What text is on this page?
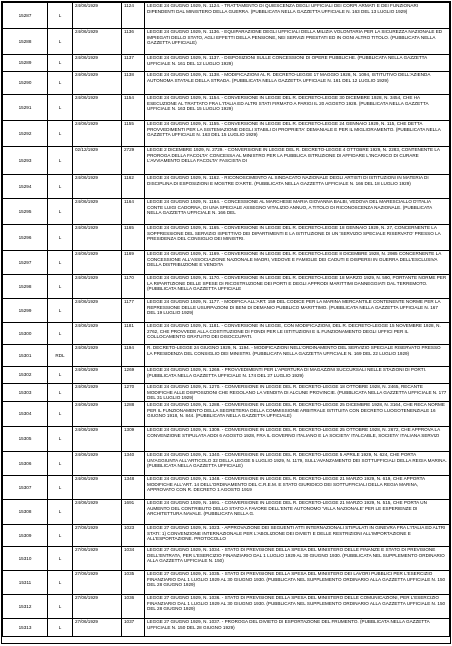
15287	L	24/06/1929	1124	LEGGE 24 GIUGNO 1929, N. 1124. - TRATTAMENTO DI QUIESCENZA DEGLI UFFICIALI DEI CORPI ARMATI E DEI FUNZIONARI DIPENDENTI DAL MINISTERO DELLA GUERRA. (PUBBLICATA NELLA GAZZETTA UFFICIALE N. 163 DEL 13 LUGLIO 1929)
15288	L	24/06/1929	1136	LEGGE 24 GIUGNO 1929, N. 1136. - EQUIPARAZIONE DEGLI UFFICIALI DELLA MILIZIA VOLONTARIA PER LA SICUREZZA NAZIONALE ED IMPIEGATI DELLO STATO, AGLI EFFETTI DELLA PENSIONE, NEI SERVIZI PRESTATI ED IN OGNI ALTRO TITOLO. (PUBBLICATA NELLA GAZZETTA UFFICIALE)
15289	L	24/06/1929	1137	LEGGE 24 GIUGNO 1929, N. 1137. - DISPOSIZIONI SULLE CONCESSIONI DI OPERE PUBBLICHE. (PUBBLICATA NELLA GAZZETTA UFFICIALE N. 161 DEL 12 LUGLIO 1929)
15290	L	24/06/1929	1138	LEGGE 24 GIUGNO 1929, N. 1138. - MODIFICAZIONI AL R. DECRETO-LEGGE 17 MAGGIO 1928, N. 1094, ISTITUTIVO DELL'AZIENDA AUTONOMA STATALE DELLA STRADA. (PUBBLICATA NELLA GAZZETTA UFFICIALE N. 161 DEL 12 LUGLIO 1929)
15291	L	24/06/1929	1154	LEGGE 24 GIUGNO 1929, N. 1154. - CONVERSIONE IN LEGGE DEL R. DECRETO-LEGGE 30 DICEMBRE 1928, N. 3454, CHE HA ESECUZIONE AL TRATTATO FRA L'ITALIA ED ALTRI STATI FIRMATO A PARIGI IL 20 AGOSTO 1928. (PUBBLICATA NELLA GAZZETTA UFFICIALE N. 163 DEL 15 LUGLIO 1929)
15292	L	24/06/1929	1155	LEGGE 24 GIUGNO 1929, N. 1155. - CONVERSIONE IN LEGGE DEL R. DECRETO-LEGGE 24 GENNAIO 1929, N. 115, CHE DETTA PROVVEDIMENTI PER LA SISTEMAZIONE DEGLI STABILI DI PROPRIETA' DEMANIALE E PER IL MIGLIORAMENTO. (PUBBLICATA NELLA GAZZETTA UFFICIALE N. 163 DEL 15 LUGLIO 1929)
15293	L	02/12/1929	2729	LEGGE 2 DICEMBRE 1929, N. 2729. - CONVERSIONE IN LEGGE DEL R. DECRETO-LEGGE 4 OTTOBRE 1929, N. 2283, CONTENENTE LA PROROGA DELLA FACOLTA' CONCESSA AL MINISTRO PER LA PUBBLICA ISTRUZIONE DI AFFIDARE L'INCARICO DI CURARE L'AVVIAMENTO DELLA FACOLTA' FASCISTA DI
15294	L	24/06/1929	1162	LEGGE 24 GIUGNO 1929, N. 1162. - RICONOSCIMENTO AL SINDACATO NAZIONALE DEGLI ARTISTI DI ISTITUZIONI IN MATERIA DI DISCIPLINA DI ESPOSIZIONI E MOSTRE D'ARTE. (PUBBLICATA NELLA GAZZETTA UFFICIALE N. 166 DEL 18 LUGLIO 1929)
15295	L	24/06/1929	1164	LEGGE 24 GIUGNO 1929, N. 1164. - CONCESSIONE AL MARCHESE MARIA GIOVANNA BALBI, VEDOVA DEL MARESCIALLO D'ITALIA CONTE LUIGI CADORNA, DI UNA SPECIALE ASSEGNO VITALIZIO ANNUO, A TITOLO DI RICONOSCENZA NAZIONALE. (PUBBLICATA NELLA GAZZETTA UFFICIALE N. 166 DEL
15296	L	24/06/1929	1165	LEGGE 24 GIUGNO 1929, N. 1165. - CONVERSIONE IN LEGGE DEL R. DECRETO-LEGGE 18 GENNAIO 1929, N. 27, CONCERNENTE LA SOPPRESSIONE DEL SERVIZIO ISPETTIVO DEI DIPARTIMENTI E LA ISTITUZIONE DI UN 'SERVIZIO SPECIALE RISERVATO' PRESSO LA PRESIDENZA DEL CONSIGLIO DEI MINISTRI.
15297	L	24/06/1929	1169	LEGGE 24 GIUGNO 1929, N. 1169. - CONVERSIONE IN LEGGE DEL R. DECRETO-LEGGE 8 DICEMBRE 1928, N. 2985 CONCERNENTE LA CONCESSIONE ALL'ASSOCIAZIONE NAZIONALE MADRI, VEDOVE E FAMIGLIE DEI CADUTI E DISPERSI IN GUERRA DELL'ESCLUSIVA DELLA DISTRIBUZIONE E VENDITA
15298	L	24/06/1929	1170	LEGGE 24 GIUGNO 1929, N. 1170. - CONVERSIONE IN LEGGE DEL R. DECRETO-LEGGE 18 MARZO 1929, N. 590, PORTANTE NORME PER LA RIPARTIZIONE DELLE SPESE DI RICOSTRUZIONE DEI PORTI E DEGLI APPRODI MARITTIMI DANNEGGIATI DAL TERREMOTO. (PUBBLICATA NELLA GAZZETTA UFFICIALE
15299	L	24/06/1929	1177	LEGGE 24 GIUGNO 1929, N. 1177. - MODIFICA ALL'ART. 159 DEL CODICE PER LA MARINA MERCANTILE CONTENENTE NORME PER LA REPRESSIONE DELLE USURPAZIONI DI BENI DI DEMANIO PUBBLICO MARITTIMO. (PUBBLICATA NELLA GAZZETTA UFFICIALE N. 167 DEL 19 LUGLIO 1929)
15300	L	24/06/1929	1181	LEGGE 24 GIUGNO 1929, N. 1181. - CONVERSIONE IN LEGGE, CON MODIFICAZIONI, DEL R. DECRETO-LEGGE 15 NOVEMBRE 1928, N. 2762, CHE PROVVEDE ALLA COSTITUZIONE DI FONDI PER LE ISTITUZIONI E IL FUNZIONAMENTO DEGLI UFFICI PER IL COLLOCAMENTO GRATUITO DEI DISOCCUPATI.
15301	RDL	24/06/1929	1194	R. DECRETO-LEGGE 24 GIUGNO 1929, N. 1194. - MODIFICAZIONI NELL'ORDINAMENTO DEL SERVIZIO SPECIALE RISERVATO PRESSO LA PRESIDENZA DEL CONSIGLIO DEI MINISTRI. (PUBBLICATA NELLA GAZZETTA UFFICIALE N. 169 DEL 22 LUGLIO 1929)
15302	L	24/06/1929	1269	LEGGE 24 GIUGNO 1929, N. 1269. - PROVVEDIMENTI PER L'APERTURA DI MAGAZZINI SUCCURSALI NELLE STAZIONI DI PORTI. (PUBBLICATA NELLA GAZZETTA UFFICIALE N. 174 DEL 27 LUGLIO 1929)
15303	L	24/06/1929	1270	LEGGE 24 GIUGNO 1929, N. 1270. - CONVERSIONE IN LEGGE DEL R. DECRETO-LEGGE 18 OTTOBRE 1928, N. 2465, RECANTE MODIFICHE ALLE DISPOSIZIONI CHE REGOLANO LA VENDITA DI ALCUNE PROVINCIE. (PUBBLICATA NELLA GAZZETTA UFFICIALE N. 177 DEL 31 LUGLIO 1929)
15304	L	24/06/1929	1288	LEGGE 24 GIUGNO 1929, N. 1288. - CONVERSIONE IN LEGGE DEL R. DECRETO-LEGGE 25 DICEMBRE 1928, N. 3164, CHE RECA NORME PER IL FUNZIONAMENTO DELLA SEGRETERIA DELLA COMMISSIONE ARBITRALE ISTITUITA CON DECRETO LUOGOTENENZIALE 16 GIUGNO 1918, N. 844. (PUBBLICATA NELLA GAZZETTA UFFICIALE)
15305	L	24/06/1929	1309	LEGGE 24 GIUGNO 1929, N. 1309. - CONVERSIONE IN LEGGE DEL R. DECRETO-LEGGE 25 OTTOBRE 1928, N. 2672, CHE APPROVA LA CONVENZIONE STIPULATA ADDI 6 AGOSTO 1928, FRA IL GOVERNO ITALIANO E LA SOCIETA' ITALCABLE, SOCIETA' ITALIANA SERVIZI
15306	L	24/06/1929	1340	LEGGE 24 GIUGNO 1929, N. 1340. - CONVERSIONE IN LEGGE DEL R. DECRETO-LEGGE 5 APRILE 1929, N. 624, CHE PORTA UN'AGGIUNTA ALL'ARTICOLO 32 DELLA LEGGE 5 LUGLIO 1929, N. 1179, SULL'AVANZAMENTO DEI SOTTUFFICIALI DELLA REGIA MARINA. (PUBBLICATA NELLA GAZZETTA UFFICIALE)
15307	L	24/06/1929	1348	LEGGE 24 GIUGNO 1929, N. 1348. - CONVERSIONE IN LEGGE DEL R. DECRETO-LEGGE 21 MARZO 1929, N. 619, CHE APPORTA MODIFICHE ALL'ART. 14 DELL'ORDINAMENTO DEL C.R.E.M. E STATO GIURIDICO DEI SOTTUFFICIALI DELLA REGIA MARINA, APPROVATO CON R. DECRETO 1 AGOSTO 1919
15308	L	24/06/1929	1691	LEGGE 24 GIUGNO 1929, N. 1691. - CONVERSIONE IN LEGGE DEL R. DECRETO-LEGGE 21 MARZO 1929, N. 515, CHE PORTA UN AUMENTO DEL CONTRIBUTO DELLO STATO A FAVORE DELL'ENTE AUTONOMO 'VILLA NAZIONALE' PER LE ESPERIENZE DI ARCHITETTURA NAVALE. (PUBBLICATA NELLA G.
15309	L	27/06/1929	1023	LEGGE 27 GIUGNO 1929, N. 1023. - APPROVAZIONE DEI SEGUENTI ATTI INTERNAZIONALI STIPULATI IN GINEVRA FRA L'ITALIA ED ALTRI STATI: 1) CONVENZIONE INTERNAZIONALE PER L'ABOLIZIONE DEI DIVIETI E DELLE RESTRIZIONI ALL'IMPORTAZIONE E ALL'ESPORTAZIONE. PROTOCOLLO
15310	L	27/06/1929	1034	LEGGE 27 GIUGNO 1929, N. 1034. - STATO DI PREVISIONE DELLA SPESA DEL MINISTERO DELLE FINANZE E STATO DI PREVISIONE DELL'ENTRATA, PER L'ESERCIZIO FINANZIARIO DAL 1 LUGLIO 1929 AL 30 GIUGNO 1930. (PUBBLICATA NEL SUPPLEMENTO ORDINARIO ALLA GAZZETTA UFFICIALE N. 150)
15311	L	27/06/1929	1035	LEGGE 27 GIUGNO 1929, N. 1035. - STATO DI PREVISIONE DELLA SPESA DEL MINISTERO DEI LAVORI PUBBLICI PER L'ESERCIZIO FINANZIARIO DAL 1 LUGLIO 1929 AL 30 GIUGNO 1930. (PUBBLICATA NEL SUPPLEMENTO ORDINARIO ALLA GAZZETTA UFFICIALE N. 150 DEL 28 GIUGNO 1929)
15312	L	27/06/1929	1036	LEGGE 27 GIUGNO 1929, N. 1036. - STATO DI PREVISIONE DELLA SPESA DEL MINISTERO DELLE COMUNICAZIONI, PER L'ESERCIZIO FINANZIARIO DAL 1 LUGLIO 1929 AL 30 GIUGNO 1930. (PUBBLICATA NEL SUPPLEMENTO ORDINARIO ALLA GAZZETTA UFFICIALE N. 150 DEL 28 GIUGNO 1929)
15313	L	27/06/1929	1037	LEGGE 27 GIUGNO 1929, N. 1037. - PROROGA DEL DIVIETO DI ESPORTAZIONE DEL FRUMENTO. (PUBBLICATA NELLA GAZZETTA UFFICIALE N. 150 DEL 28 GIUGNO 1929)
